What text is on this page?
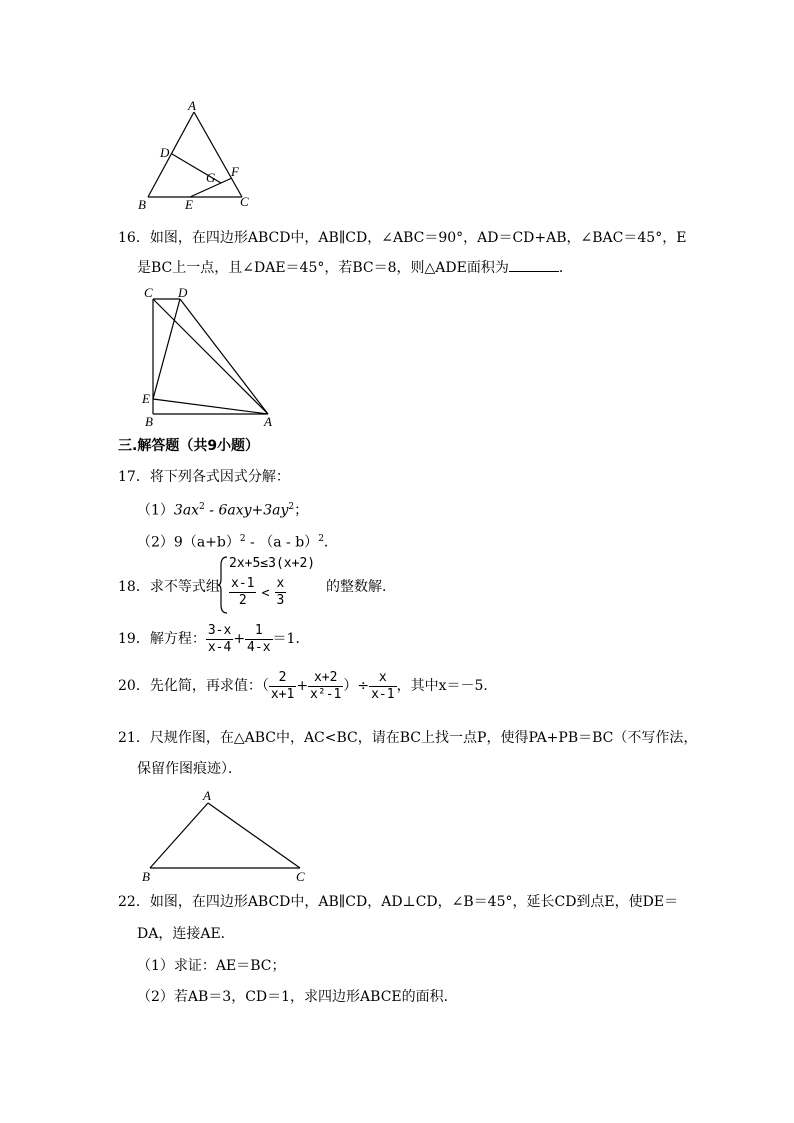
A
D
G F
B	E	C
16．如图，在四边形ABCD中，AB∥CD，∠ABC＝90°，AD＝CD+AB，∠BAC＝45°，E
是BC上一点，且∠DAE＝45°，若BC＝8，则△ADE面积为	．
C D
E
B	A
三.解答题（共9小题）
17．将下列各式因式分解：
$(1)3ax^2 - 6axy+3ay^2$；
$(2)9(a+b)^2 - (a - b)^2$．
18．求不等式组
2x+5≤3(x+2)
$\frac{x-1}{2} < \frac{x}{3}$	的整数解．
19．解方程： $\frac{3-x}{x-4} + \frac{1}{4-x} =1$．
20．先化简，再求值：（ $\frac{2}{x+1} + \frac{x+2}{\text{x²-1}}$ ）÷ $\frac{x}{x-1}$ ，其中x＝－5．
21．尺规作图，在△ABC中，AC<BC，请在BC上找一点P，使得PA+PB＝BC（不写作法，
保留作图痕迹）．
A
B	C
22．如图，在四边形ABCD中，AB∥CD，AD⊥CD，∠B＝45°，延长CD到点E，使DE＝
DA，连接AE．
（1）求证：AE＝BC；
（2）若AB＝3，CD＝1，求四边形ABCE的面积．
